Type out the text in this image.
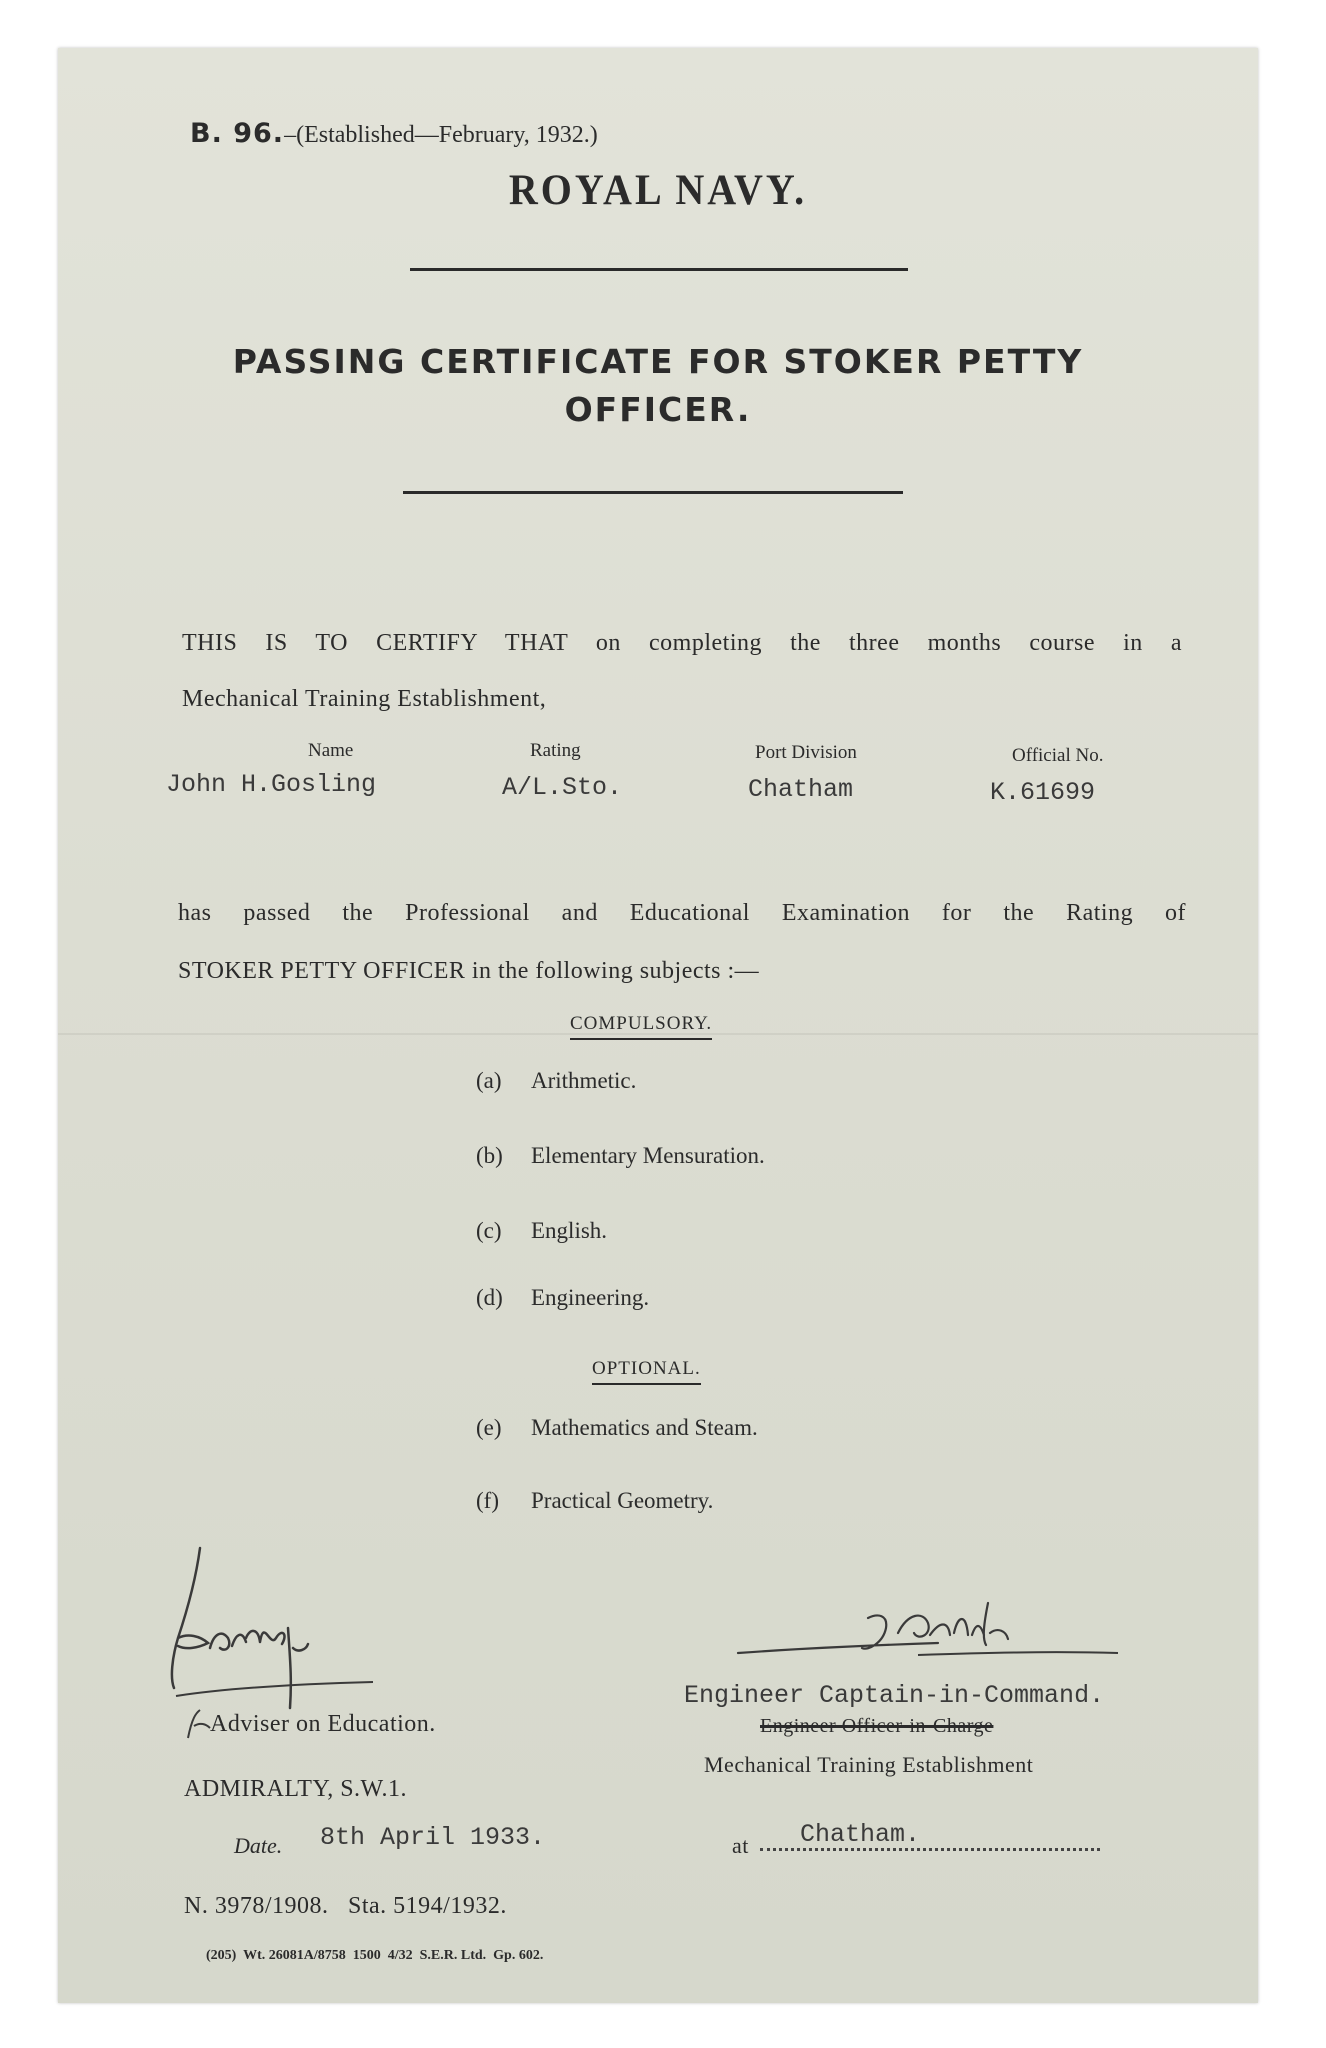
B. 96.–(Established—February, 1932.)
ROYAL NAVY.
PASSING CERTIFICATE FOR STOKER PETTY OFFICER.
THIS IS TO CERTIFY THAT on completing the three months course in a
Mechanical Training Establishment,
Name
John H.Gosling
Rating
A/L.Sto.
Port Division
Chatham
Official No.
K.61699
has passed the Professional and Educational Examination for the Rating of
STOKER PETTY OFFICER in the following subjects :—
COMPULSORY.
(a) Arithmetic.
(b) Elementary Mensuration.
(c) English.
(d) Engineering.
OPTIONAL.
(e) Mathematics and Steam.
(f) Practical Geometry.
Adviser on Education.
ADMIRALTY, S.W.1.
Date. 8th April 1933.
Engineer Captain-in-Command.
Engineer Officer-in-Charge
Mechanical Training Establishment
at Chatham.
N. 3978/1908.   Sta. 5194/1932.
(205)  Wt. 26081A/8758  1500  4/32  S.E.R. Ltd.  Gp. 602.
